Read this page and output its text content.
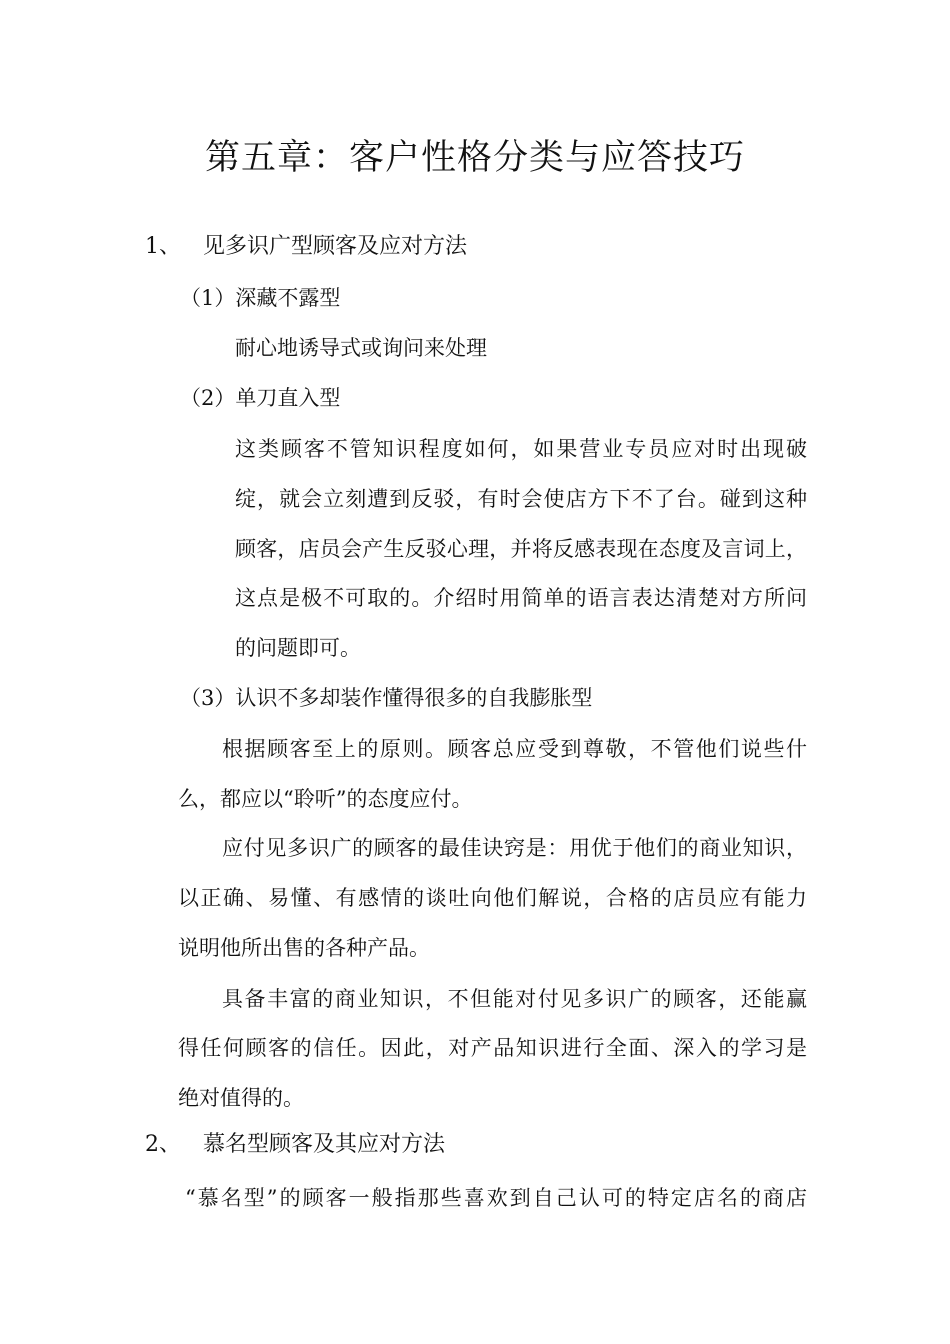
第五章：客户性格分类与应答技巧
1、 见多识广型顾客及应对方法
（1）深藏不露型
耐心地诱导式或询问来处理
（2）单刀直入型
这类顾客不管知识程度如何，如果营业专员应对时出现破
绽，就会立刻遭到反驳，有时会使店方下不了台。碰到这种
顾客，店员会产生反驳心理，并将反感表现在态度及言词上，
这点是极不可取的。介绍时用简单的语言表达清楚对方所问
的问题即可。
（3）认识不多却装作懂得很多的自我膨胀型
根据顾客至上的原则。顾客总应受到尊敬，不管他们说些什
么，都应以“聆听”的态度应付。
应付见多识广的顾客的最佳诀窍是：用优于他们的商业知识，
以正确、易懂、有感情的谈吐向他们解说，合格的店员应有能力
说明他所出售的各种产品。
具备丰富的商业知识，不但能对付见多识广的顾客，还能赢
得任何顾客的信任。因此，对产品知识进行全面、深入的学习是
绝对值得的。
2、 慕名型顾客及其应对方法
“慕名型”的顾客一般指那些喜欢到自己认可的特定店名的商店
